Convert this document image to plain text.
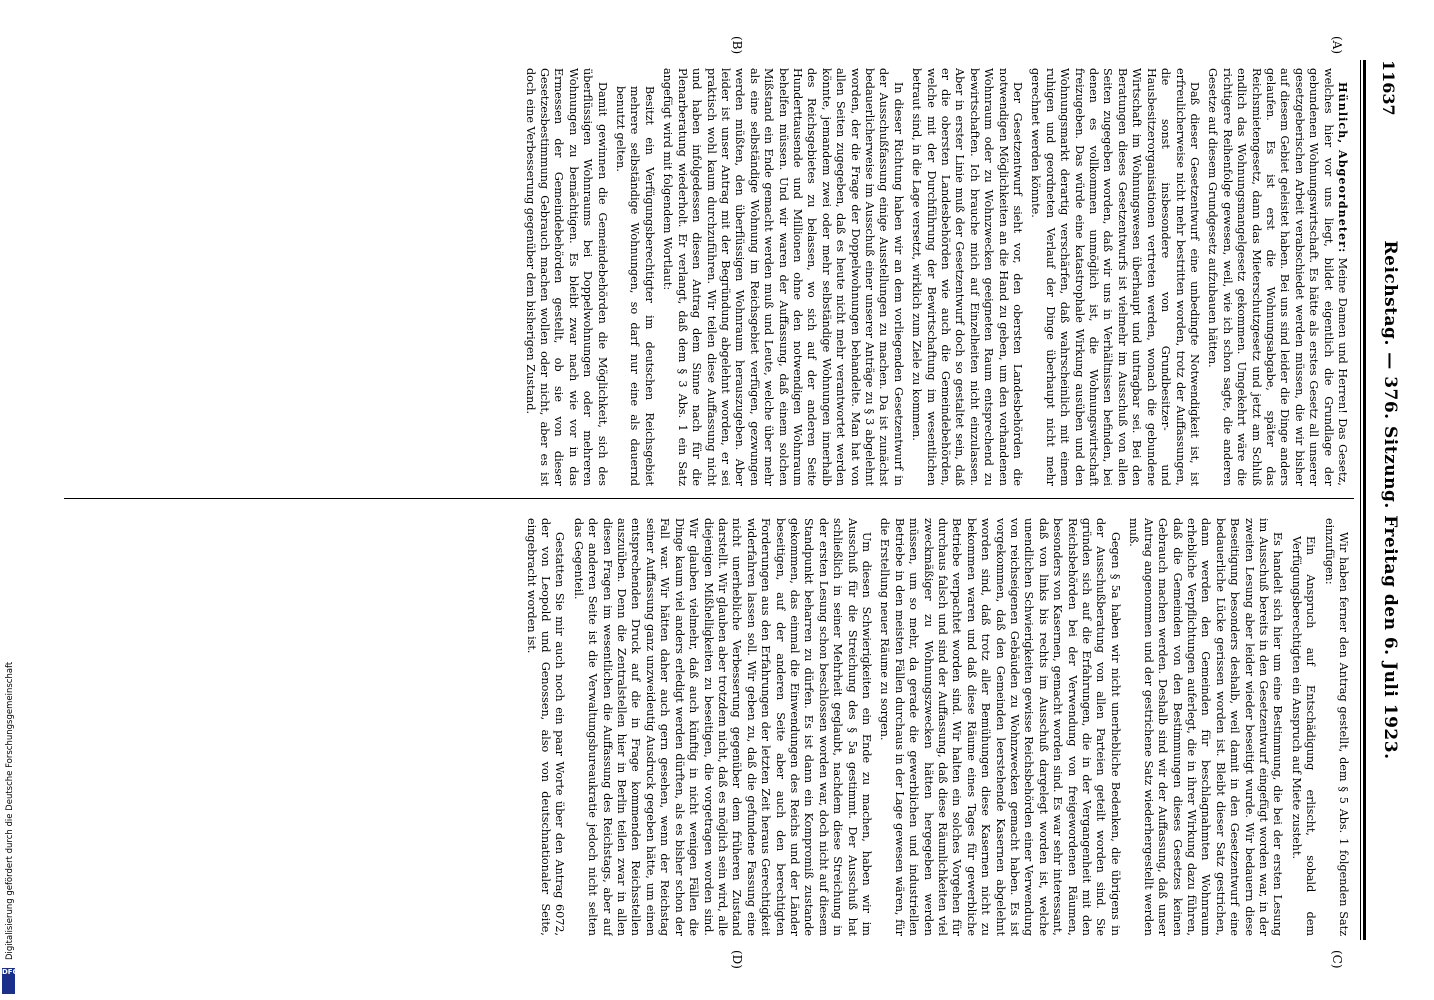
11637
Reichstag. — 376. Sitzung. Freitag den 6. Juli 1923.
(A)
(B)
(C)
(D)

Hünlich, Abgeordneter: Meine Damen und Herren! Das Gesetz, welches hier vor uns liegt, bildet eigentlich die Grundlage der gebundenen Wohnungswirtschaft. Es hätte als erstes Gesetz all unserer gesetzgeberischen Arbeit verabschiedet werden müssen, die wir bisher auf diesem Gebiet geleistet haben. Bei uns sind leider die Dinge anders gelaufen. Es ist erst die Wohnungsabgabe, später das Reichsmietengesetz, dann das Mieterschutzgesetz und jetzt am Schluß endlich das Wohnungsmangelgesetz gekommen. Umgekehrt wäre die richtigere Reihenfolge gewesen, weil, wie ich schon sagte, die anderen Gesetze auf diesem Grundgesetz aufzubauen hätten.

Daß dieser Gesetzentwurf eine unbedingte Notwendigkeit ist, ist erfreulicherweise nicht mehr bestritten worden, trotz der Auffassungen, die sonst insbesondere von Grundbesitzer- und Hausbesitzerorganisationen vertreten werden, wonach die gebundene Wirtschaft im Wohnungswesen überhaupt und untragbar sei. Bei den Beratungen dieses Gesetzentwurfs ist vielmehr im Ausschuß von allen Seiten zugegeben worden, daß wir uns in Verhältnissen befinden, bei denen es vollkommen unmöglich ist, die Wohnungswirtschaft freizugeben. Das würde eine katastrophale Wirkung ausüben und den Wohnungsmarkt derartig verschärfen, daß wahrscheinlich mit einem ruhigen und geordneten Verlauf der Dinge überhaupt nicht mehr gerechnet werden könnte.

Der Gesetzentwurf sieht vor, den obersten Landesbehörden die notwendigen Möglichkeiten an die Hand zu geben, um den vorhandenen Wohnraum oder zu Wohnzwecken geeigneten Raum entsprechend zu bewirtschaften. Ich brauche mich auf Einzelheiten nicht einzulassen. Aber in erster Linie muß der Gesetzentwurf doch so gestaltet sein, daß er die obersten Landesbehörden wie auch die Gemeindebehörden, welche mit der Durchführung der Bewirtschaftung im wesentlichen betraut sind, in die Lage versetzt, wirklich zum Ziele zu kommen.

In dieser Richtung haben wir an dem vorliegenden Gesetzentwurf in der Ausschußfassung einige Ausstellungen zu machen. Da ist zunächst bedauerlicherweise im Ausschuß einer unserer Anträge zu § 3 abgelehnt worden, der die Frage der Doppelwohnungen behandelte. Man hat von allen Seiten zugegeben, daß es heute nicht mehr verantwortet werden könnte, jemandem zwei oder mehr selbständige Wohnungen innerhalb des Reichsgebietes zu belassen, wo sich auf der anderen Seite Hunderttausende und Millionen ohne den notwendigen Wohnraum behelfen müssen. Und wir waren der Auffassung, daß einem solchen Mißstand ein Ende gemacht werden muß und Leute, welche über mehr als eine selbständige Wohnung im Reichsgebiet verfügen, gezwungen werden müßten, den überflüssigen Wohnraum herauszugeben. Aber leider ist unser Antrag mit der Begründung abgelehnt worden, er sei praktisch wohl kaum durchzuführen. Wir teilen diese Auffassung nicht und haben infolgedessen diesen Antrag dem Sinne nach für die Plenarberatung wiederholt. Er verlangt, daß dem § 3 Abs. 1 ein Satz angefügt wird mit folgendem Wortlaut:

Besitzt ein Verfügungsberechtigter im deutschen Reichsgebiet mehrere selbständige Wohnungen, so darf nur eine als dauernd benutzt gelten.

Damit gewinnen die Gemeindebehörden die Möglichkeit, sich des überflüssigen Wohnraums bei Doppelwohnungen oder mehreren Wohnungen zu bemächtigen. Es bleibt zwar nach wie vor in das Ermessen der Gemeindebehörden gestellt, ob sie von dieser Gesetzesbestimmung Gebrauch machen wollen oder nicht, aber es ist doch eine Verbesserung gegenüber dem bisherigen Zustand.

Wir haben ferner den Antrag gestellt, dem § 5 Abs. 1 folgenden Satz einzufügen:

Ein Anspruch auf Entschädigung erlischt, sobald dem Verfügungsberechtigten ein Anspruch auf Miete zusteht.

Es handelt sich hier um eine Bestimmung, die bei der ersten Lesung im Ausschuß bereits in den Gesetzentwurf eingefügt worden war, in der zweiten Lesung aber leider wieder beseitigt wurde. Wir bedauern diese Beseitigung besonders deshalb, weil damit in den Gesetzentwurf eine bedauerliche Lücke gerissen worden ist. Bleibt dieser Satz gestrichen, dann werden den Gemeinden für beschlagnahmten Wohnraum erhebliche Verpflichtungen auferlegt, die in ihrer Wirkung dazu führen, daß die Gemeinden von den Bestimmungen dieses Gesetzes keinen Gebrauch machen werden. Deshalb sind wir der Auffassung, daß unser Antrag angenommen und der gestrichene Satz wiederhergestellt werden muß.

Gegen § 5a haben wir nicht unerhebliche Bedenken, die übrigens in der Ausschußberatung von allen Parteien geteilt worden sind. Sie gründen sich auf die Erfahrungen, die in der Vergangenheit mit den Reichsbehörden bei der Verwendung von freigewordenen Räumen, besonders von Kasernen, gemacht worden sind. Es war sehr interessant, daß von links bis rechts im Ausschuß dargelegt worden ist, welche unendlichen Schwierigkeiten gewisse Reichsbehörden einer Verwendung von reichseigenen Gebäuden zu Wohnzwecken gemacht haben. Es ist vorgekommen, daß den Gemeinden leerstehende Kasernen abgelehnt worden sind, daß trotz aller Bemühungen diese Kasernen nicht zu bekommen waren und daß diese Räume eines Tages für gewerbliche Betriebe verpachtet worden sind. Wir halten ein solches Vorgehen für durchaus falsch und sind der Auffassung, daß diese Räumlichkeiten viel zweckmäßiger zu Wohnungszwecken hätten hergegeben werden müssen, um so mehr, da gerade die gewerblichen und industriellen Betriebe in den meisten Fällen durchaus in der Lage gewesen wären, für die Erstellung neuer Räume zu sorgen.

Um diesen Schwierigkeiten ein Ende zu machen, haben wir im Ausschuß für die Streichung des § 5a gestimmt. Der Ausschuß hat schließlich in seiner Mehrheit geglaubt, nachdem diese Streichung in der ersten Lesung schon beschlossen worden war, doch nicht auf diesem Standpunkt beharren zu dürfen. Es ist dann ein Kompromiß zustande gekommen, das einmal die Einwendungen des Reichs und der Länder beseitigen, auf der anderen Seite aber auch den berechtigten Forderungen aus den Erfahrungen der letzten Zeit heraus Gerechtigkeit widerfahren lassen soll. Wir geben zu, daß die gefundene Fassung eine nicht unerhebliche Verbesserung gegenüber dem früheren Zustand darstellt. Wir glauben aber trotzdem nicht, daß es möglich sein wird, alle diejenigen Mißhelligkeiten zu beseitigen, die vorgetragen worden sind. Wir glauben vielmehr, daß auch künftig in nicht wenigen Fällen die Dinge kaum viel anders erledigt werden dürften, als es bisher schon der Fall war. Wir hätten daher auch gern gesehen, wenn der Reichstag seiner Auffassung ganz unzweideutig Ausdruck gegeben hätte, um einen entsprechenden Druck auf die in Frage kommenden Reichsstellen auszuüben. Denn die Zentralstellen hier in Berlin teilen zwar in allen diesen Fragen im wesentlichen die Auffassung des Reichstags, aber auf der anderen Seite ist die Verwaltungsbureaukratie jedoch nicht selten das Gegenteil.

Gestatten Sie mir auch noch ein paar Worte über den Antrag 6072, der von Leopold und Genossen, also von deutschnationaler Seite, eingebracht worden ist.

Digitalisierung gefördert durch die Deutsche Forschungsgemeinschaft
DFG
